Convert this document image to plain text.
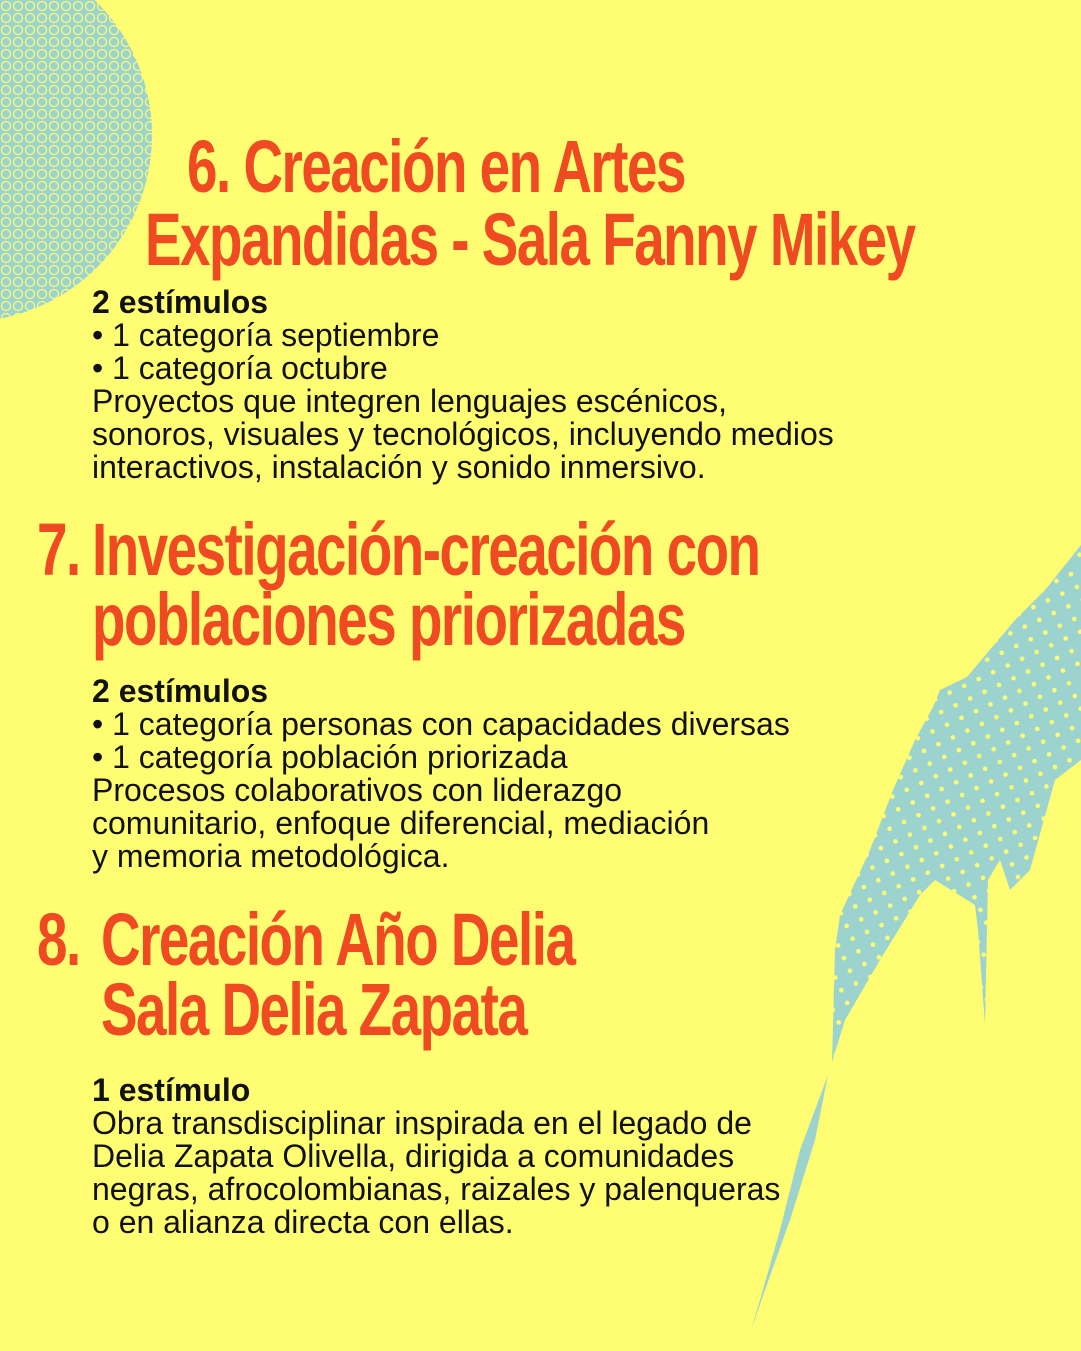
6. Creación en Artes
Expandidas - Sala Fanny Mikey
2 estímulos
• 1 categoría septiembre
• 1 categoría octubre
Proyectos que integren lenguajes escénicos,
sonoros, visuales y tecnológicos, incluyendo medios
interactivos, instalación y sonido inmersivo.
7. Investigación-creación con
poblaciones priorizadas
2 estímulos
• 1 categoría personas con capacidades diversas
• 1 categoría población priorizada
Procesos colaborativos con liderazgo
comunitario, enfoque diferencial, mediación
y memoria metodológica.
8. Creación Año Delia
Sala Delia Zapata
1 estímulo
Obra transdisciplinar inspirada en el legado de
Delia Zapata Olivella, dirigida a comunidades
negras, afrocolombianas, raizales y palenqueras
o en alianza directa con ellas.
